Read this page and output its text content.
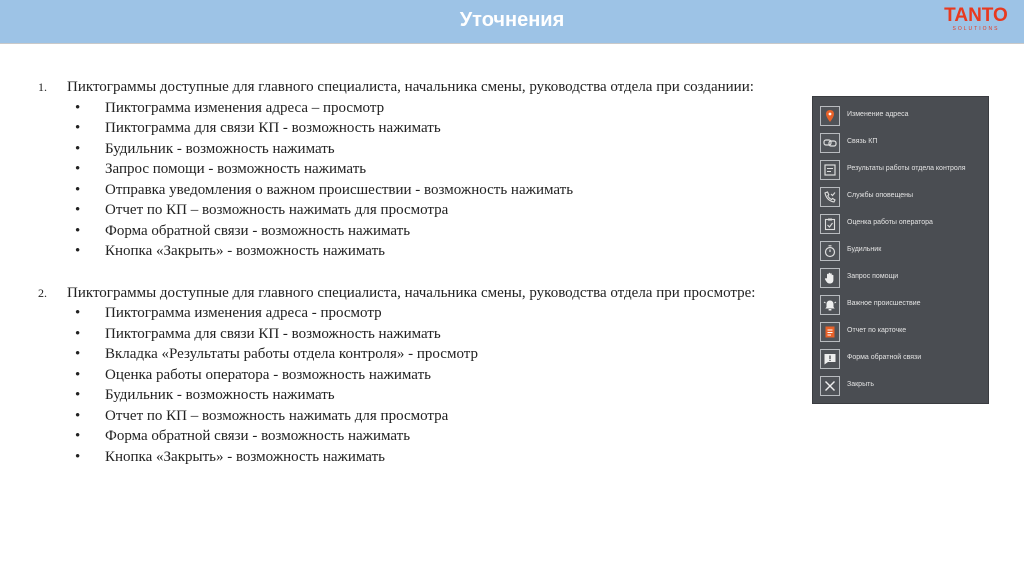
Уточнения	TANTO
SOLUTIONS
1. Пиктограммы доступные для главного специалиста, начальника смены, руководства отдела при созданиии:
• Пиктограмма изменения адреса – просмотр
• Пиктограмма для связи КП - возможность нажимать
• Будильник - возможность нажимать
• Запрос помощи - возможность нажимать
• Отправка уведомления о важном происшествии - возможность нажимать
• Отчет по КП – возможность нажимать для просмотра
• Форма обратной связи - возможность нажимать
• Кнопка «Закрыть» - возможность нажимать
2. Пиктограммы доступные для главного специалиста, начальника смены, руководства отдела при просмотре:
• Пиктограмма изменения адреса - просмотр
• Пиктограмма для связи КП - возможность нажимать
• Вкладка «Результаты работы отдела контроля» - просмотр
• Оценка работы оператора - возможность нажимать
• Будильник - возможность нажимать
• Отчет по КП – возможность нажимать для просмотра
• Форма обратной связи - возможность нажимать
• Кнопка «Закрыть» - возможность нажимать
Изменение адреса
Связь КП
Результаты работы отдела контроля
Службы оповещены
Оценка работы оператора
Будильник
Запрос помощи
Важное происшествие
Отчет по карточке
Форма обратной связи
Закрыть
